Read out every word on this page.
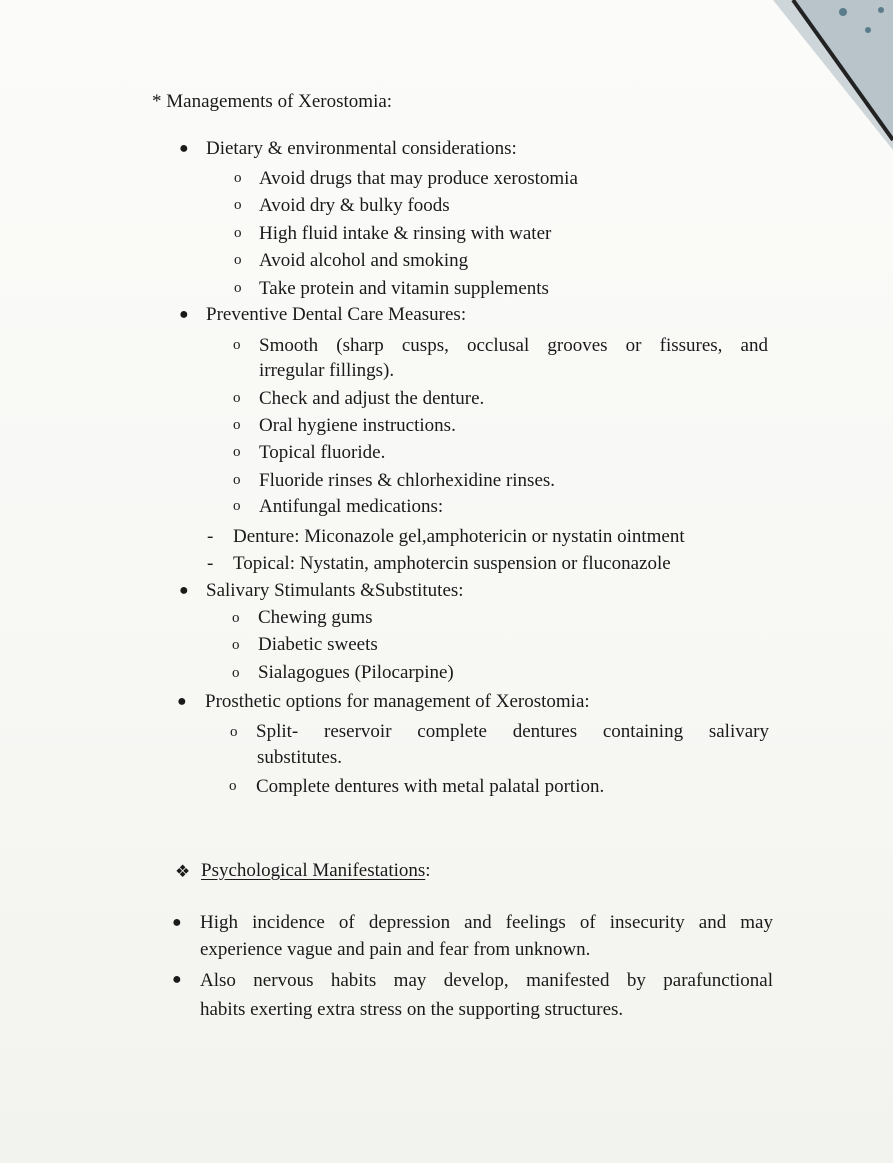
* Managements of Xerostomia:
● Dietary & environmental considerations:
o Avoid drugs that may produce xerostomia
o Avoid dry & bulky foods
o High fluid intake & rinsing with water
o Avoid alcohol and smoking
o Take protein and vitamin supplements
● Preventive Dental Care Measures:
o Smooth (sharp cusps, occlusal grooves or fissures, and
irregular fillings).
o Check and adjust the denture.
o Oral hygiene instructions.
o Topical fluoride.
o Fluoride rinses & chlorhexidine rinses.
o Antifungal medications:
- Denture: Miconazole gel,amphotericin or nystatin ointment
- Topical: Nystatin, amphotercin suspension or fluconazole
● Salivary Stimulants &Substitutes:
o Chewing gums
o Diabetic sweets
o Sialagogues (Pilocarpine)
● Prosthetic options for management of Xerostomia:
o Split- reservoir complete dentures containing salivary
substitutes.
o Complete dentures with metal palatal portion.
❖ Psychological Manifestations:
● High incidence of depression and feelings of insecurity and may
experience vague and pain and fear from unknown.
● Also nervous habits may develop, manifested by parafunctional
habits exerting extra stress on the supporting structures.
